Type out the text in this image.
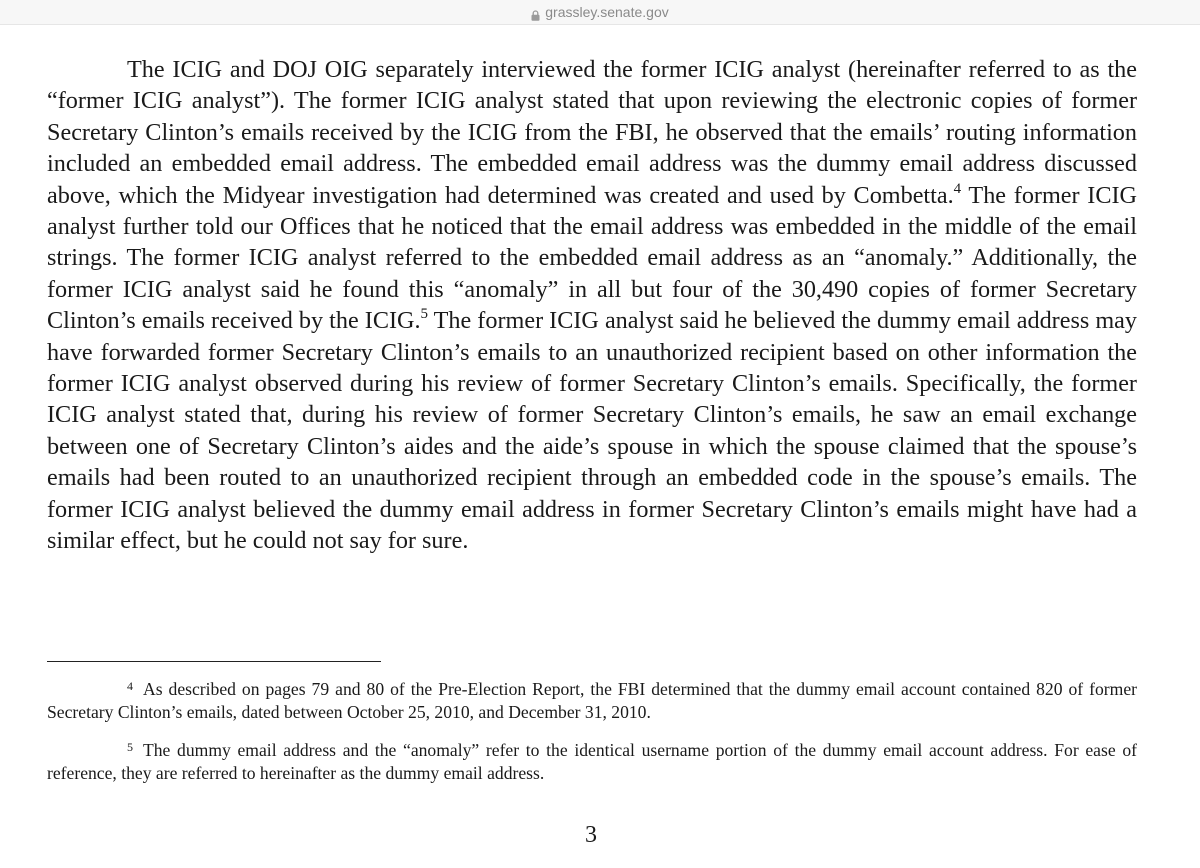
grassley.senate.gov

The ICIG and DOJ OIG separately interviewed the former ICIG analyst (hereinafter referred to as the “former ICIG analyst”). The former ICIG analyst stated that upon reviewing the electronic copies of former Secretary Clinton’s emails received by the ICIG from the FBI, he observed that the emails’ routing information included an embedded email address. The embedded email address was the dummy email address discussed above, which the Midyear investigation had determined was created and used by Combetta.$^4$ The former ICIG analyst further told our Offices that he noticed that the email address was embedded in the middle of the email strings. The former ICIG analyst referred to the embedded email address as an “anomaly.” Additionally, the former ICIG analyst said he found this “anomaly” in all but four of the 30,490 copies of former Secretary Clinton’s emails received by the ICIG.$^5$ The former ICIG analyst said he believed the dummy email address may have forwarded former Secretary Clinton’s emails to an unauthorized recipient based on other information the former ICIG analyst observed during his review of former Secretary Clinton’s emails. Specifically, the former ICIG analyst stated that, during his review of former Secretary Clinton’s emails, he saw an email exchange between one of Secretary Clinton’s aides and the aide’s spouse in which the spouse claimed that the spouse’s emails had been routed to an unauthorized recipient through an embedded code in the spouse’s emails. The former ICIG analyst believed the dummy email address in former Secretary Clinton’s emails might have had a similar effect, but he could not say for sure.

$^4$ As described on pages 79 and 80 of the Pre-Election Report, the FBI determined that the dummy email account contained 820 of former Secretary Clinton’s emails, dated between October 25, 2010, and December 31, 2010.

$^5$ The dummy email address and the “anomaly” refer to the identical username portion of the dummy email account address. For ease of reference, they are referred to hereinafter as the dummy email address.

3
